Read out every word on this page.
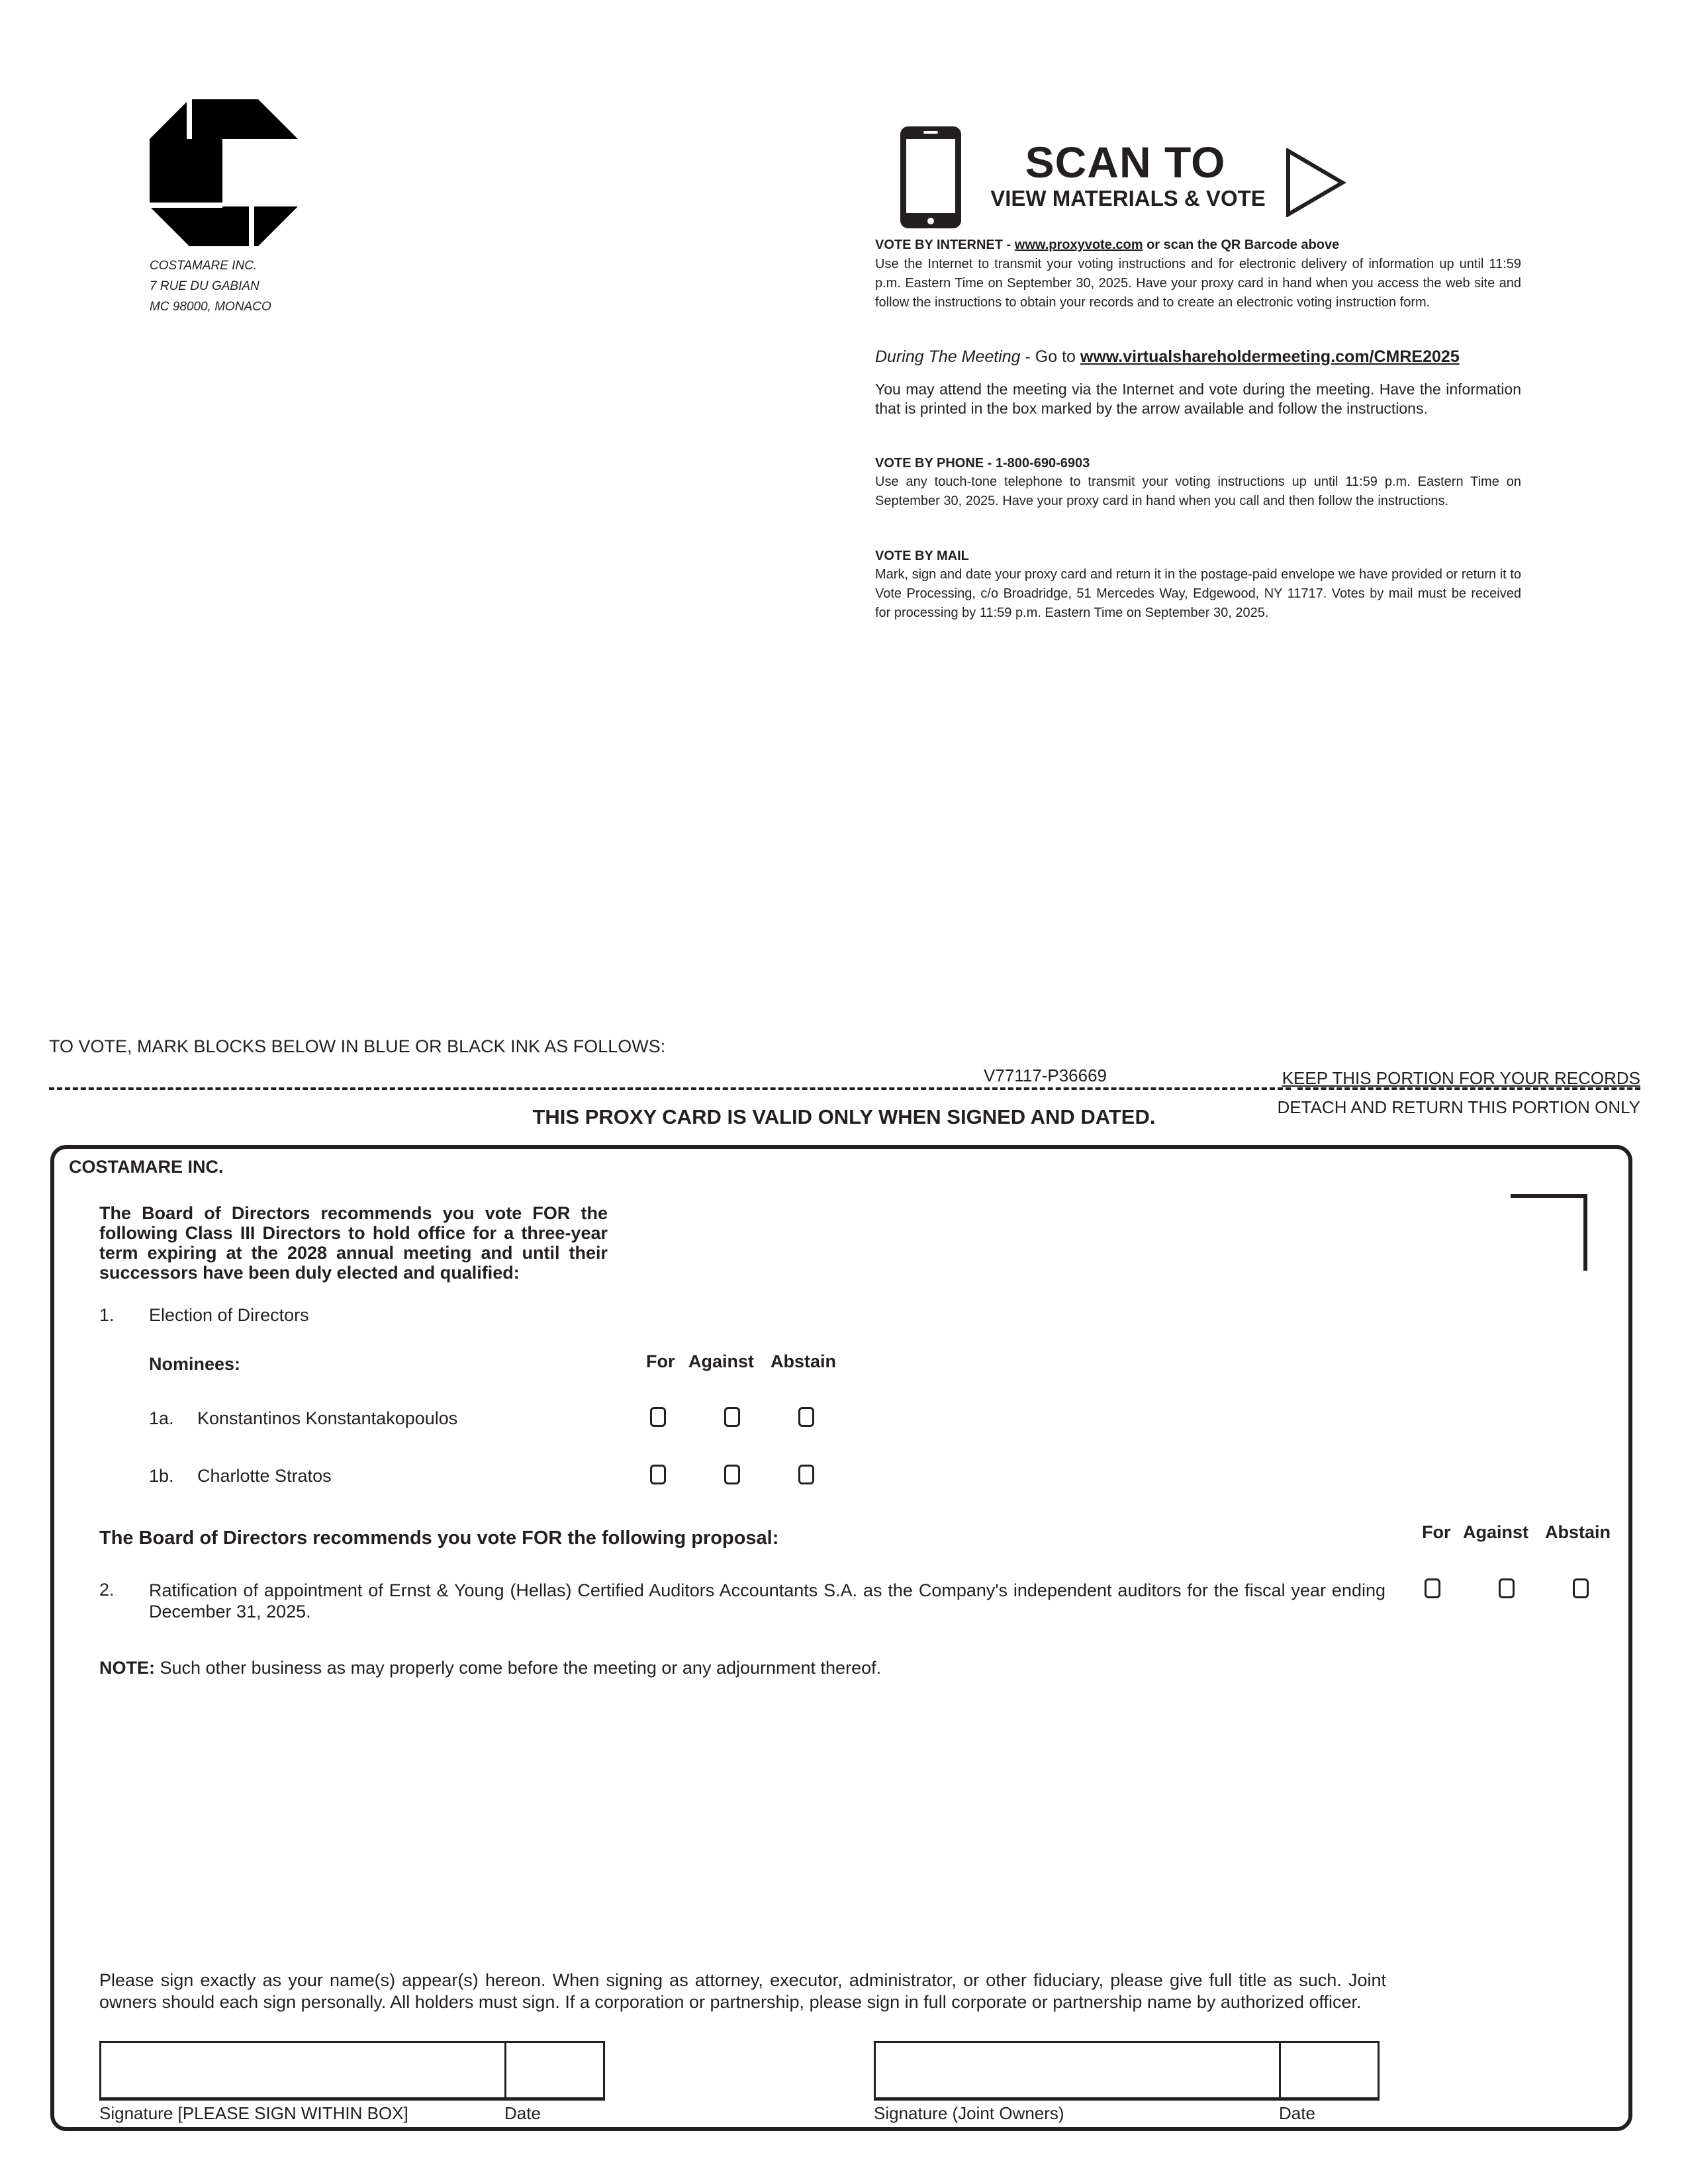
COSTAMARE INC.
7 RUE DU GABIAN
MC 98000, MONACO
SCAN TO
VIEW MATERIALS & VOTE
VOTE BY INTERNET - www.proxyvote.com or scan the QR Barcode above
Use the Internet to transmit your voting instructions and for electronic delivery of information up until 11:59 p.m. Eastern Time on September 30, 2025. Have your proxy card in hand when you access the web site and follow the instructions to obtain your records and to create an electronic voting instruction form.
During The Meeting - Go to www.virtualshareholdermeeting.com/CMRE2025
You may attend the meeting via the Internet and vote during the meeting. Have the information that is printed in the box marked by the arrow available and follow the instructions.
VOTE BY PHONE - 1-800-690-6903
Use any touch-tone telephone to transmit your voting instructions up until 11:59 p.m. Eastern Time on September 30, 2025. Have your proxy card in hand when you call and then follow the instructions.
VOTE BY MAIL
Mark, sign and date your proxy card and return it in the postage-paid envelope we have provided or return it to Vote Processing, c/o Broadridge, 51 Mercedes Way, Edgewood, NY 11717. Votes by mail must be received for processing by 11:59 p.m. Eastern Time on September 30, 2025.
TO VOTE, MARK BLOCKS BELOW IN BLUE OR BLACK INK AS FOLLOWS:
V77117-P36669	KEEP THIS PORTION FOR YOUR RECORDS
DETACH AND RETURN THIS PORTION ONLY
THIS PROXY CARD IS VALID ONLY WHEN SIGNED AND DATED.
COSTAMARE INC.
The Board of Directors recommends you vote FOR the following Class III Directors to hold office for a three-year term expiring at the 2028 annual meeting and until their successors have been duly elected and qualified:
1. Election of Directors
Nominees:	For Against Abstain
1a. Konstantinos Konstantakopoulos
1b. Charlotte Stratos
The Board of Directors recommends you vote FOR the following proposal:	For Against Abstain
2. Ratification of appointment of Ernst & Young (Hellas) Certified Auditors Accountants S.A. as the Company's independent auditors for the fiscal year ending December 31, 2025.
NOTE: Such other business as may properly come before the meeting or any adjournment thereof.
Please sign exactly as your name(s) appear(s) hereon. When signing as attorney, executor, administrator, or other fiduciary, please give full title as such. Joint owners should each sign personally. All holders must sign. If a corporation or partnership, please sign in full corporate or partnership name by authorized officer.
Signature [PLEASE SIGN WITHIN BOX]	Date	Signature (Joint Owners)	Date
